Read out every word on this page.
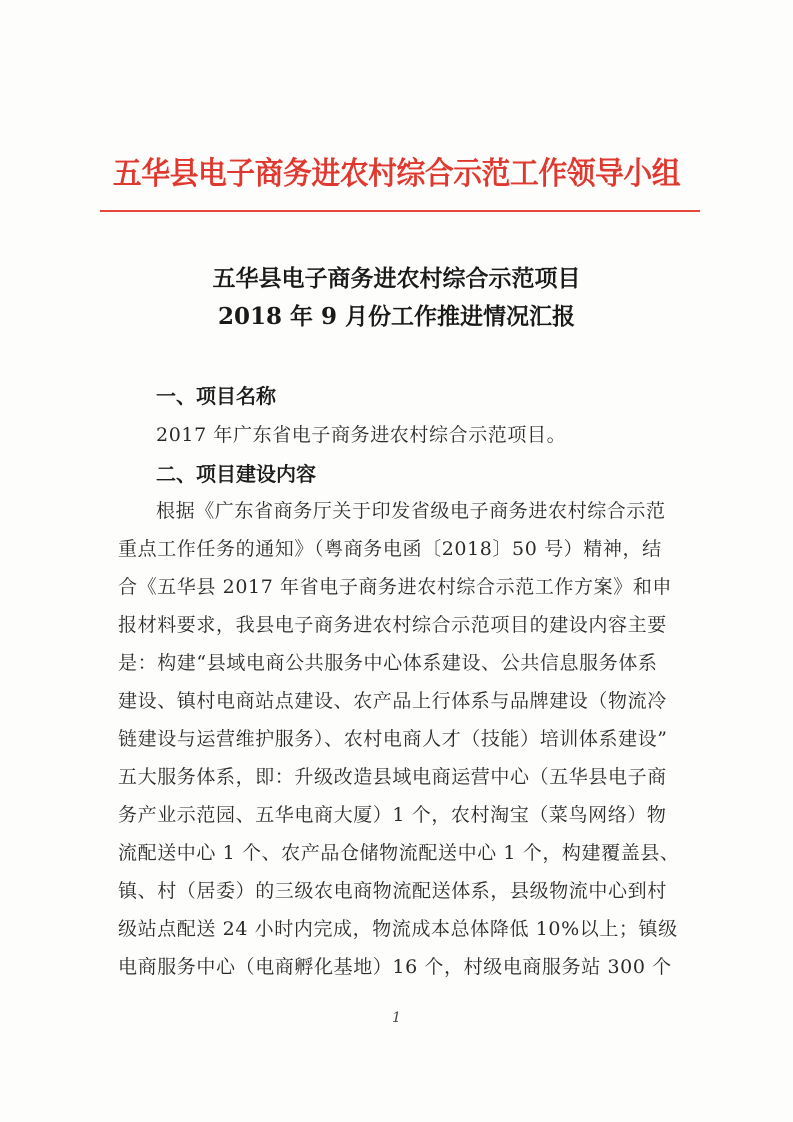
五华县电子商务进农村综合示范工作领导小组
五华县电子商务进农村综合示范项目
2018 年 9 月份工作推进情况汇报
一、项目名称
2017 年广东省电子商务进农村综合示范项目。
二、项目建设内容
根据《广东省商务厅关于印发省级电子商务进农村综合示范
重点工作任务的通知》（粤商务电函〔2018〕50 号）精神，结
合《五华县 2017 年省电子商务进农村综合示范工作方案》和申
报材料要求，我县电子商务进农村综合示范项目的建设内容主要
是：构建“县域电商公共服务中心体系建设、公共信息服务体系
建设、镇村电商站点建设、农产品上行体系与品牌建设（物流冷
链建设与运营维护服务）、农村电商人才（技能）培训体系建设”
五大服务体系，即：升级改造县域电商运营中心（五华县电子商
务产业示范园、五华电商大厦）1 个，农村淘宝（菜鸟网络）物
流配送中心 1 个、农产品仓储物流配送中心 1 个，构建覆盖县、
镇、村（居委）的三级农电商物流配送体系，县级物流中心到村
级站点配送 24 小时内完成，物流成本总体降低 10%以上；镇级
电商服务中心（电商孵化基地）16 个，村级电商服务站 300 个
1
